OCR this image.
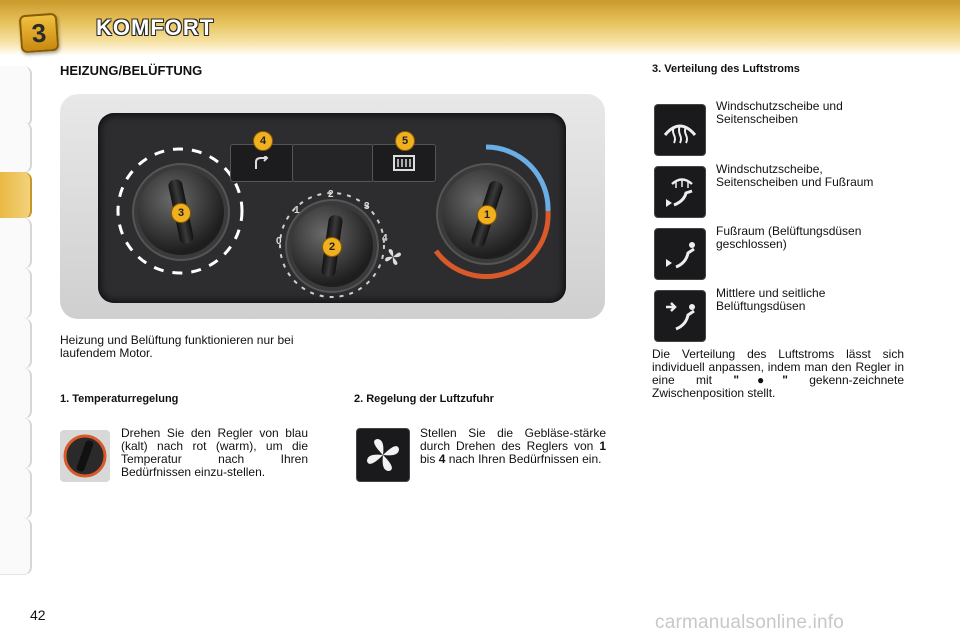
3	KOMFORT
HEIZUNG/BELÜFTUNG
3
4	5
2
0
1
2
3
4
1
Heizung und Belüftung funktionieren nur bei laufendem Motor.
1. Temperaturregelung
Drehen Sie den Regler von blau (kalt) nach rot (warm), um die Temperatur nach Ihren Bedürfnissen einzu-stellen.
2. Regelung der Luftzufuhr
Stellen Sie die Gebläse-stärke durch Drehen des Reglers von 1 bis 4 nach Ihren Bedürfnissen ein.
3. Verteilung des Luftstroms
Windschutzscheibe und Seitenscheiben
Windschutzscheibe, Seitenscheiben und Fußraum
Fußraum (Belüftungsdüsen geschlossen)
Mittlere und seitliche Belüftungsdüsen
Die Verteilung des Luftstroms lässt sich individuell anpassen, indem man den Regler in eine mit "●" gekenn-zeichnete Zwischenposition stellt.
42	carmanualsonline.info
